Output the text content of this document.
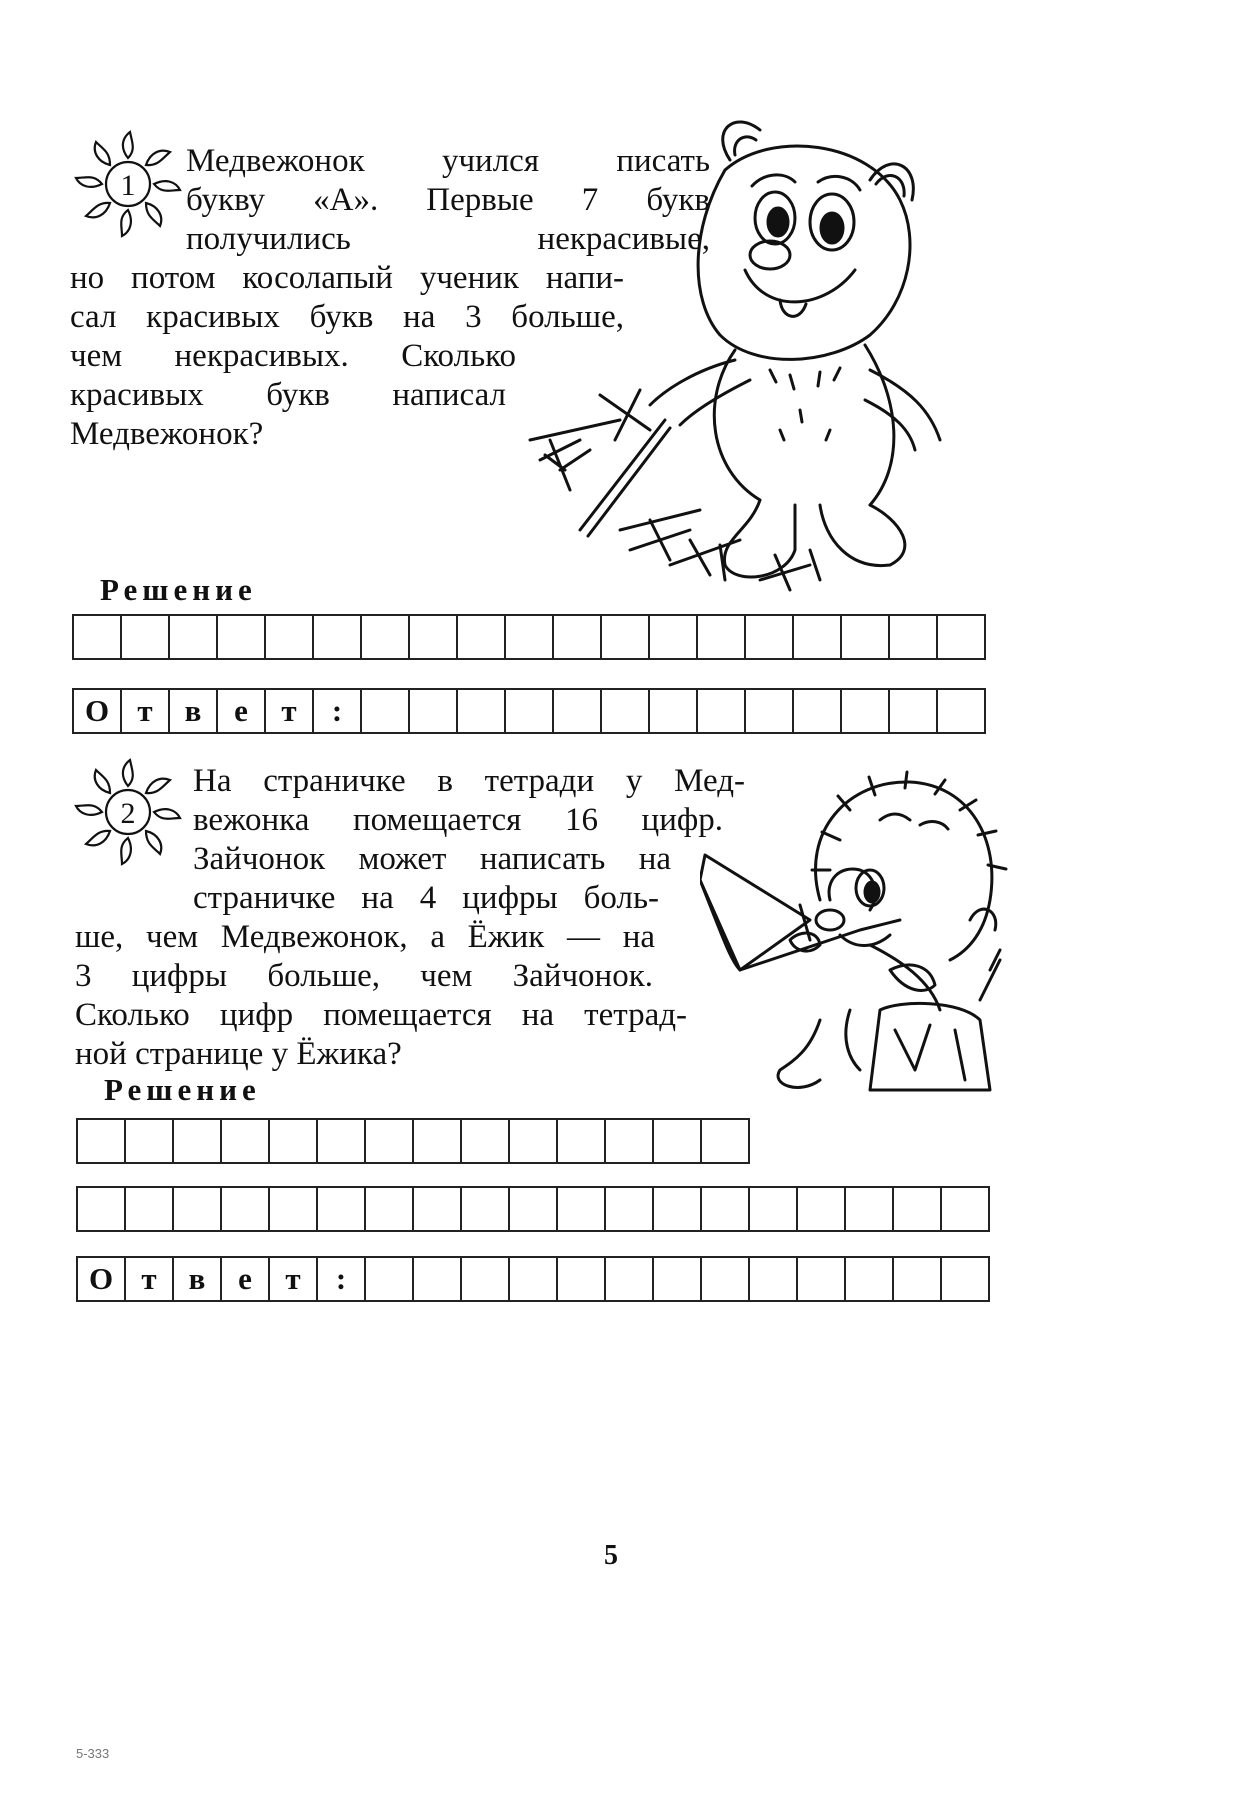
1
Медвежонок учился писать
букву «А». Первые 7 букв
получились некрасивые,
но потом косолапый ученик напи-
сал красивых букв на 3 больше,
чем некрасивых. Сколько
красивых букв написал
Медвежонок?
Решение
О т	в	е	т	:
2
На страничке в тетради у Мед-
вежонка помещается 16 цифр.
Зайчонок может написать на
страничке на 4 цифры боль-
ше, чем Медвежонок, а Ёжик — на
3 цифры больше, чем Зайчонок.
Сколько цифр помещается на тетрад-
ной странице у Ёжика?
Решение
О т	в	е	т	:
5
5-333
